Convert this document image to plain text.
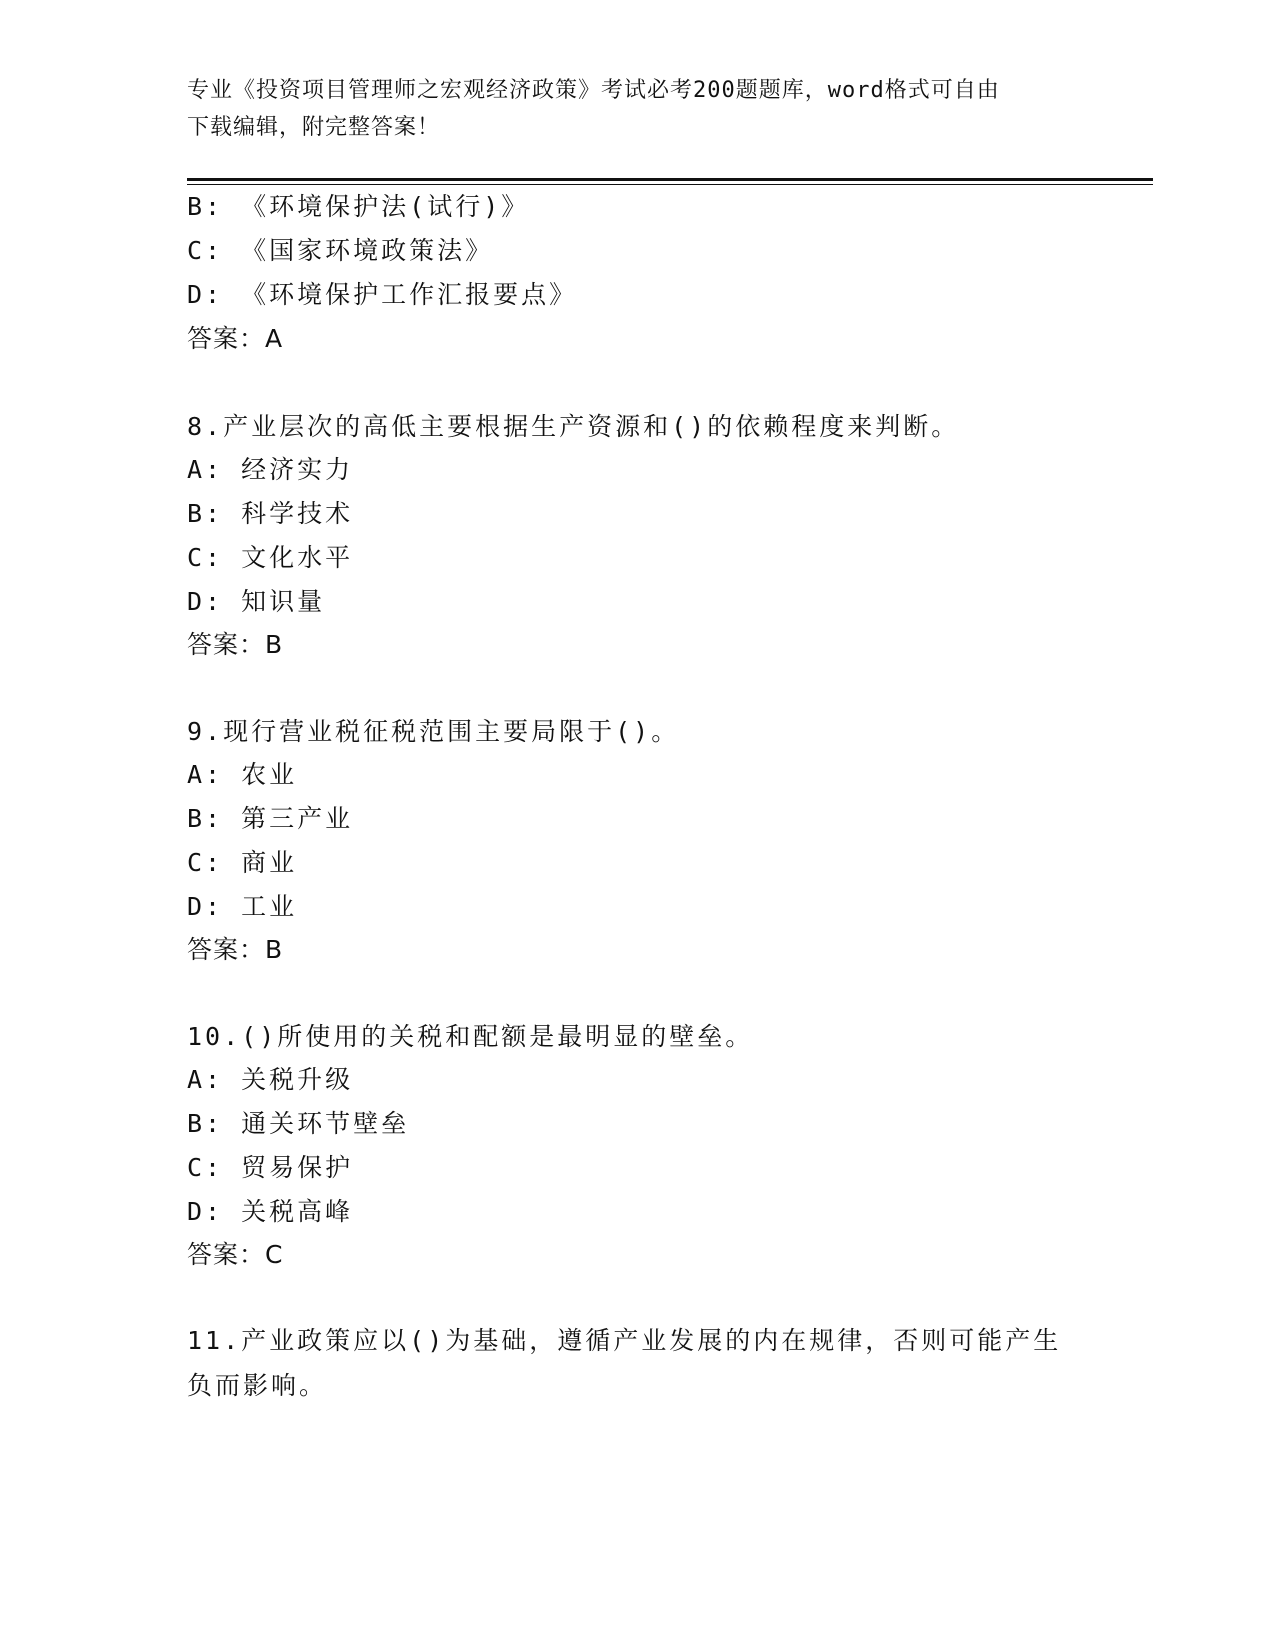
专业《投资项目管理师之宏观经济政策》考试必考200题题库，word格式可自由
下载编辑，附完整答案！
B: 《环境保护法(试行)》
C: 《国家环境政策法》
D: 《环境保护工作汇报要点》
答案：A
8.产业层次的高低主要根据生产资源和()的依赖程度来判断。
A: 经济实力
B: 科学技术
C: 文化水平
D: 知识量
答案：B
9.现行营业税征税范围主要局限于()。
A: 农业
B: 第三产业
C: 商业
D: 工业
答案：B
10.()所使用的关税和配额是最明显的壁垒。
A: 关税升级
B: 通关环节壁垒
C: 贸易保护
D: 关税高峰
答案：C
11.产业政策应以()为基础，遵循产业发展的内在规律，否则可能产生
负而影响。
